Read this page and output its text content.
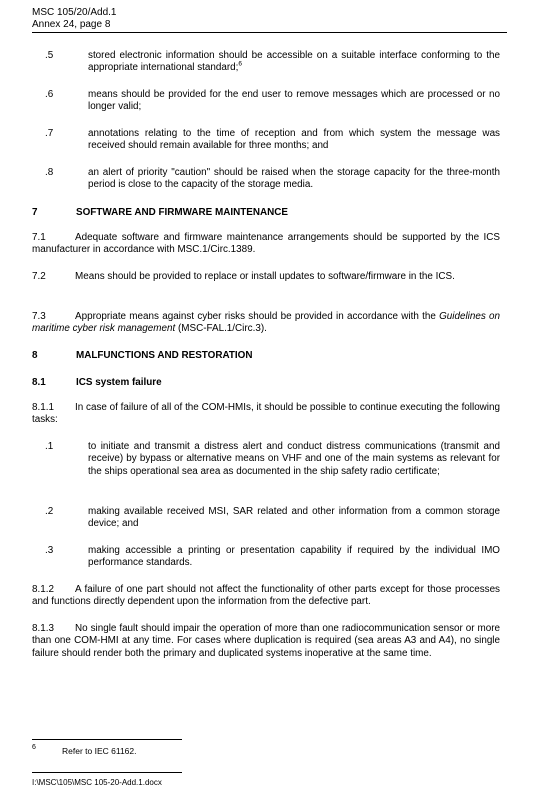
MSC 105/20/Add.1
Annex 24, page 8
.5	stored electronic information should be accessible on a suitable interface conforming to the appropriate international standard;$^6$
.6	means should be provided for the end user to remove messages which are processed or no longer valid;
.7	annotations relating to the time of reception and from which system the message was received should remain available for three months; and
.8	an alert of priority "caution" should be raised when the storage capacity for the three-month period is close to the capacity of the storage media.
7	SOFTWARE AND FIRMWARE MAINTENANCE
7.1	Adequate software and firmware maintenance arrangements should be supported by the ICS manufacturer in accordance with MSC.1/Circ.1389.
7.2	Means should be provided to replace or install updates to software/firmware in the ICS.
7.3	Appropriate means against cyber risks should be provided in accordance with the Guidelines on maritime cyber risk management (MSC-FAL.1/Circ.3).
8	MALFUNCTIONS AND RESTORATION
8.1	ICS system failure
8.1.1 In case of failure of all of the COM-HMIs, it should be possible to continue executing the following tasks:
.1	to initiate and transmit a distress alert and conduct distress communications (transmit and receive) by bypass or alternative means on VHF and one of the main systems as relevant for the ships operational sea area as documented in the ship safety radio certificate;
.2	making available received MSI, SAR related and other information from a common storage device; and
.3	making accessible a printing or presentation capability if required by the individual IMO performance standards.
8.1.2 A failure of one part should not affect the functionality of other parts except for those processes and functions directly dependent upon the information from the defective part.
8.1.3 No single fault should impair the operation of more than one radiocommunication sensor or more than one COM-HMI at any time. For cases where duplication is required (sea areas A3 and A4), no single failure should render both the primary and duplicated systems inoperative at the same time.
6	Refer to IEC 61162.
I:\MSC\105\MSC 105-20-Add.1.docx
